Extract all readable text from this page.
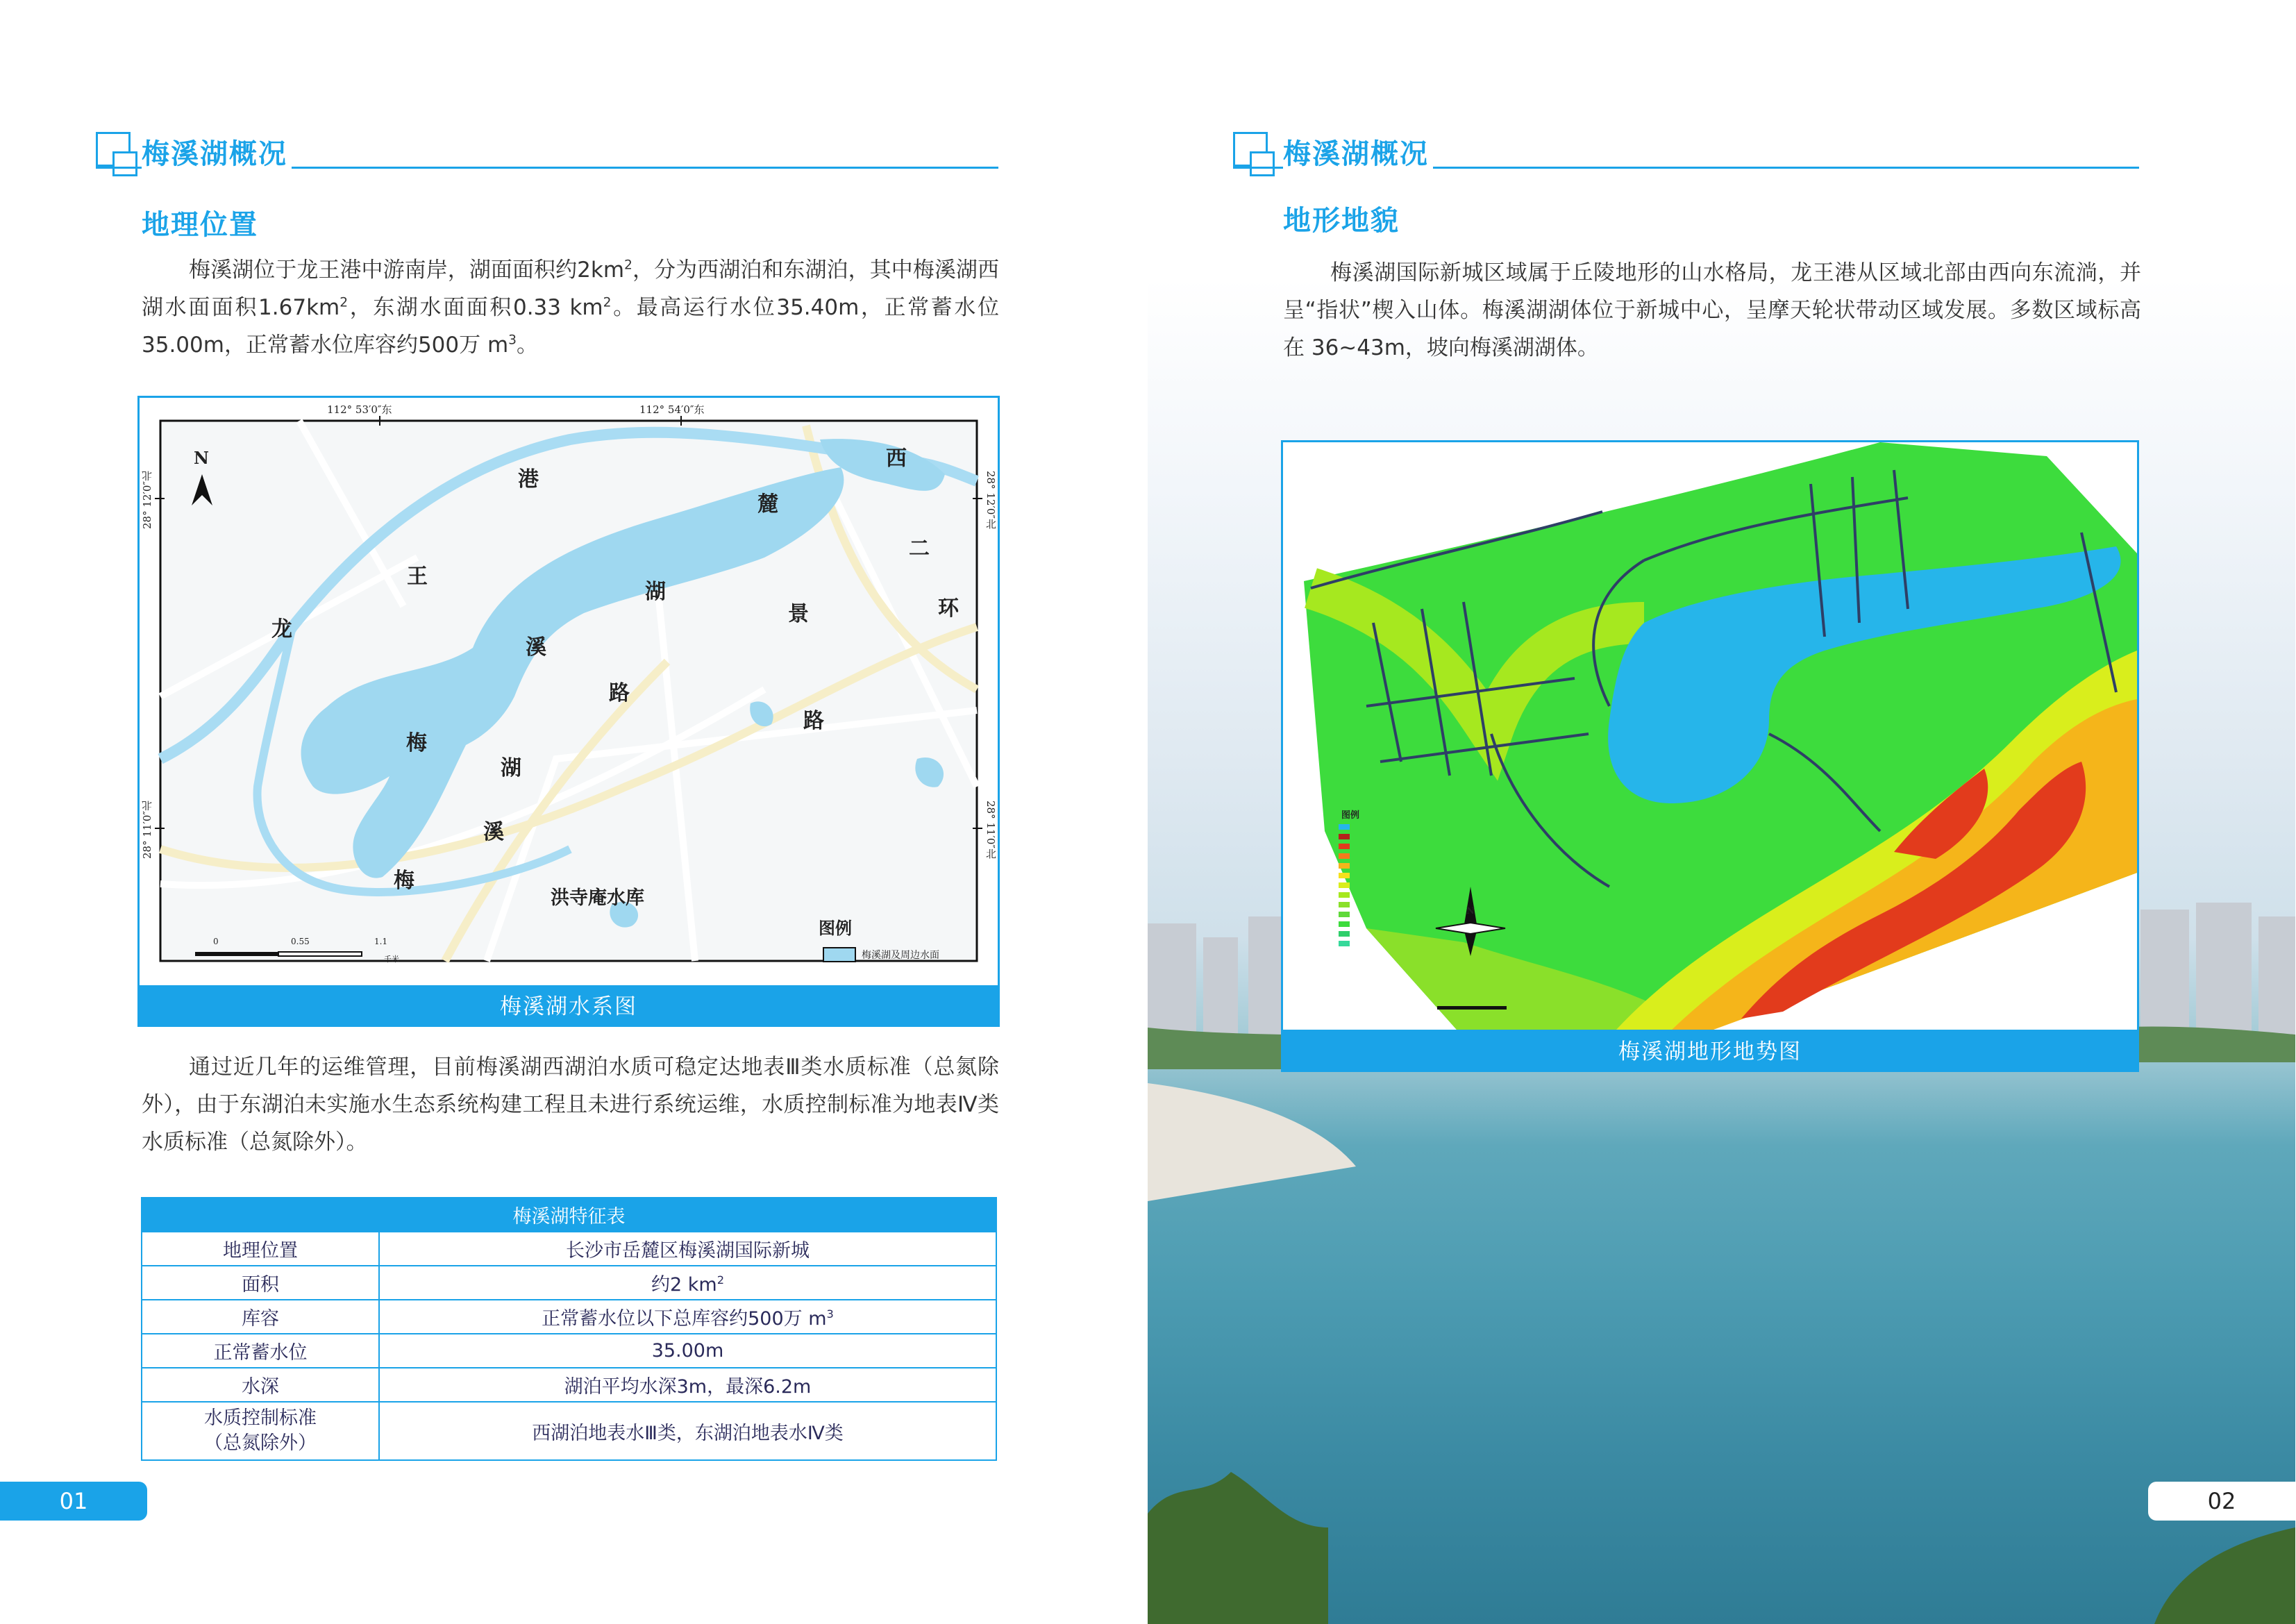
梅溪湖概况
地理位置
梅溪湖位于龙王港中游南岸，湖面面积约$2km^2$，分为西湖泊和东湖泊，其中梅溪湖西湖水面面积$1.67km^2$，东湖水面面积0.33 $km^2$。最高运行水位35.40m，正常蓄水位35.00m，正常蓄水位库容约500万 $m^3$。
112° 53′0″东	112° 54′0″东
28° 12′0″北
28° 11′0″北
28° 12′0″北
28° 11′0″北
N	西
港
麓
王
二
龙
湖
环
景
溪
路
梅
路
湖
溪
梅
洪寺庵水库
图例
梅溪湖及周边水面
0	0.55	1.1
千米
梅溪湖水系图
通过近几年的运维管理，目前梅溪湖西湖泊水质可稳定达地表Ⅲ类水质标准（总氮除外），由于东湖泊未实施水生态系统构建工程且未进行系统运维，水质控制标准为地表Ⅳ类水质标准（总氮除外）。
梅溪湖特征表	
地理位置	长沙市岳麓区梅溪湖国际新城
面积	约2 $km^2$
库容	正常蓄水位以下总库容约500万 $m^3$
正常蓄水位	35.00m
水深	湖泊平均水深3m，最深6.2m

水质控制标准
（总氮除外）	西湖泊地表水Ⅲ类，东湖泊地表水Ⅳ类
01
梅溪湖概况
地形地貌
梅溪湖国际新城区域属于丘陵地形的山水格局，龙王港从区域北部由西向东流淌，并呈“指状”楔入山体。梅溪湖湖体位于新城中心，呈摩天轮状带动区域发展。多数区域标高在 36~43m，坡向梅溪湖湖体。
图例
N
梅溪湖地形地势图
02
